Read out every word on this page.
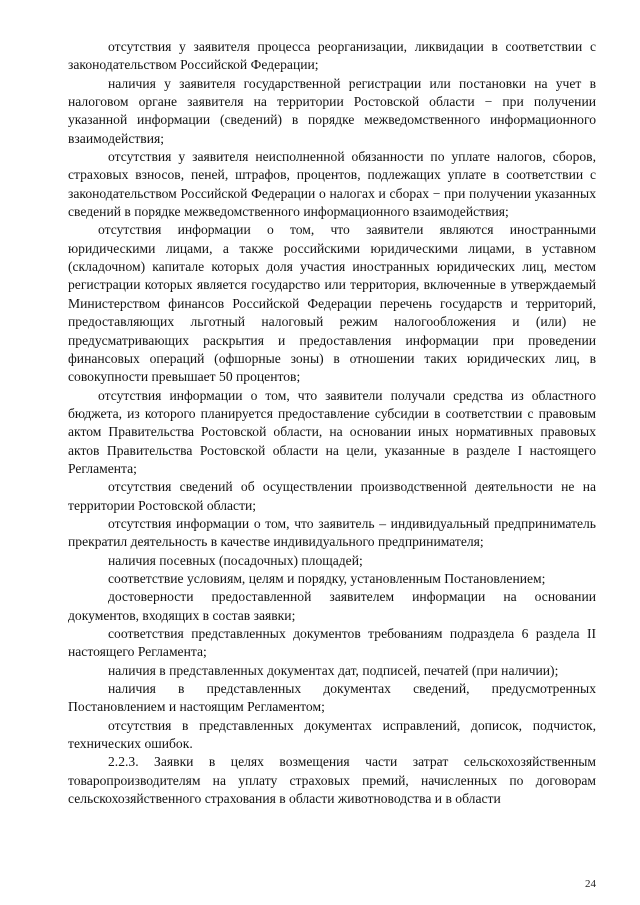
отсутствия у заявителя процесса реорганизации, ликвидации в соответствии с законодательством Российской Федерации;

наличия у заявителя государственной регистрации или постановки на учет в налоговом органе заявителя на территории Ростовской области − при получении указанной информации (сведений) в порядке межведомственного информационного взаимодействия;

отсутствия у заявителя неисполненной обязанности по уплате налогов, сборов, страховых взносов, пеней, штрафов, процентов, подлежащих уплате в соответствии с законодательством Российской Федерации о налогах и сборах − при получении указанных сведений в порядке межведомственного информационного взаимодействия;

отсутствия информации о том, что заявители являются иностранными юридическими лицами, а также российскими юридическими лицами, в уставном (складочном) капитале которых доля участия иностранных юридических лиц, местом регистрации которых является государство или территория, включенные в утверждаемый Министерством финансов Российской Федерации перечень государств и территорий, предоставляющих льготный налоговый режим налогообложения и (или) не предусматривающих раскрытия и предоставления информации при проведении финансовых операций (офшорные зоны) в отношении таких юридических лиц, в совокупности превышает 50 процентов;

отсутствия информации о том, что заявители получали средства из областного бюджета, из которого планируется предоставление субсидии в соответствии с правовым актом Правительства Ростовской области, на основании иных нормативных правовых актов Правительства Ростовской области на цели, указанные в разделе I настоящего Регламента;

отсутствия сведений об осуществлении производственной деятельности не на территории Ростовской области;

отсутствия информации о том, что заявитель – индивидуальный предприниматель прекратил деятельность в качестве индивидуального предпринимателя;

наличия посевных (посадочных) площадей;

соответствие условиям, целям и порядку, установленным Постановлением;

достоверности предоставленной заявителем информации на основании документов, входящих в состав заявки;

соответствия представленных документов требованиям подраздела 6 раздела II настоящего Регламента;

наличия в представленных документах дат, подписей, печатей (при наличии);

наличия в представленных документах сведений, предусмотренных Постановлением и настоящим Регламентом;

отсутствия в представленных документах исправлений, дописок, подчисток, технических ошибок.

2.2.3. Заявки в целях возмещения части затрат сельскохозяйственным товаропроизводителям на уплату страховых премий, начисленных по договорам сельскохозяйственного страхования в области животноводства и в области

24
